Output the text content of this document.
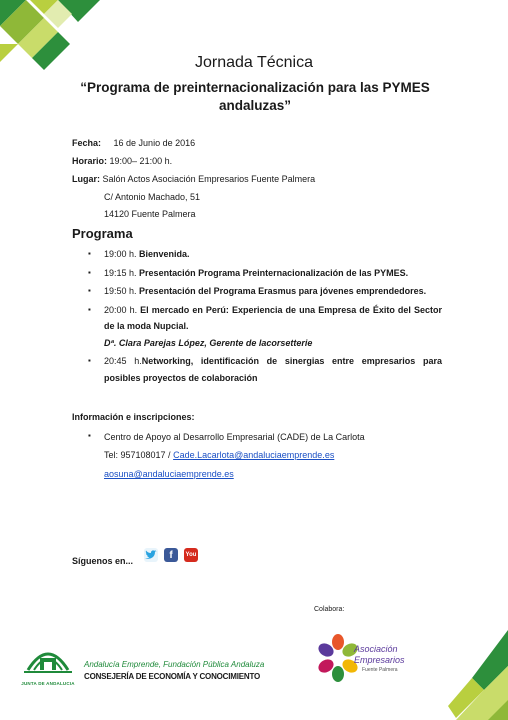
Jornada Técnica
“Programa de preinternacionalización para las PYMES andaluzas”
Fecha: 16 de Junio de 2016
Horario: 19:00– 21:00 h.
Lugar: Salón Actos Asociación Empresarios Fuente Palmera
C/ Antonio Machado, 51
14120 Fuente Palmera
Programa
▪ 19:00 h. Bienvenida.
▪ 19:15 h. Presentación Programa Preinternacionalización de las PYMES.
▪ 19:50 h. Presentación del Programa Erasmus para jóvenes emprendedores.
▪ 20:00 h. El mercado en Perú: Experiencia de una Empresa de Éxito del Sector de la moda Nupcial.
Dª. Clara Parejas López, Gerente de lacorsetterie
▪ 20:45 h.Networking, identificación de sinergias entre empresarios para posibles proyectos de colaboración
Información e inscripciones:
▪ Centro de Apoyo al Desarrollo Empresarial (CADE) de La Carlota
Tel: 957108017 / Cade.Lacarlota@andaluciaemprende.es
aosuna@andaluciaemprende.es
Síguenos en...
f	You
Colabora:
JUNTA DE ANDALUCIA
Andalucía Emprende, Fundación Pública Andaluza
CONSEJERÍA DE ECONOMÍA Y CONOCIMIENTO
Asociación
Empresarios
Fuente Palmera
